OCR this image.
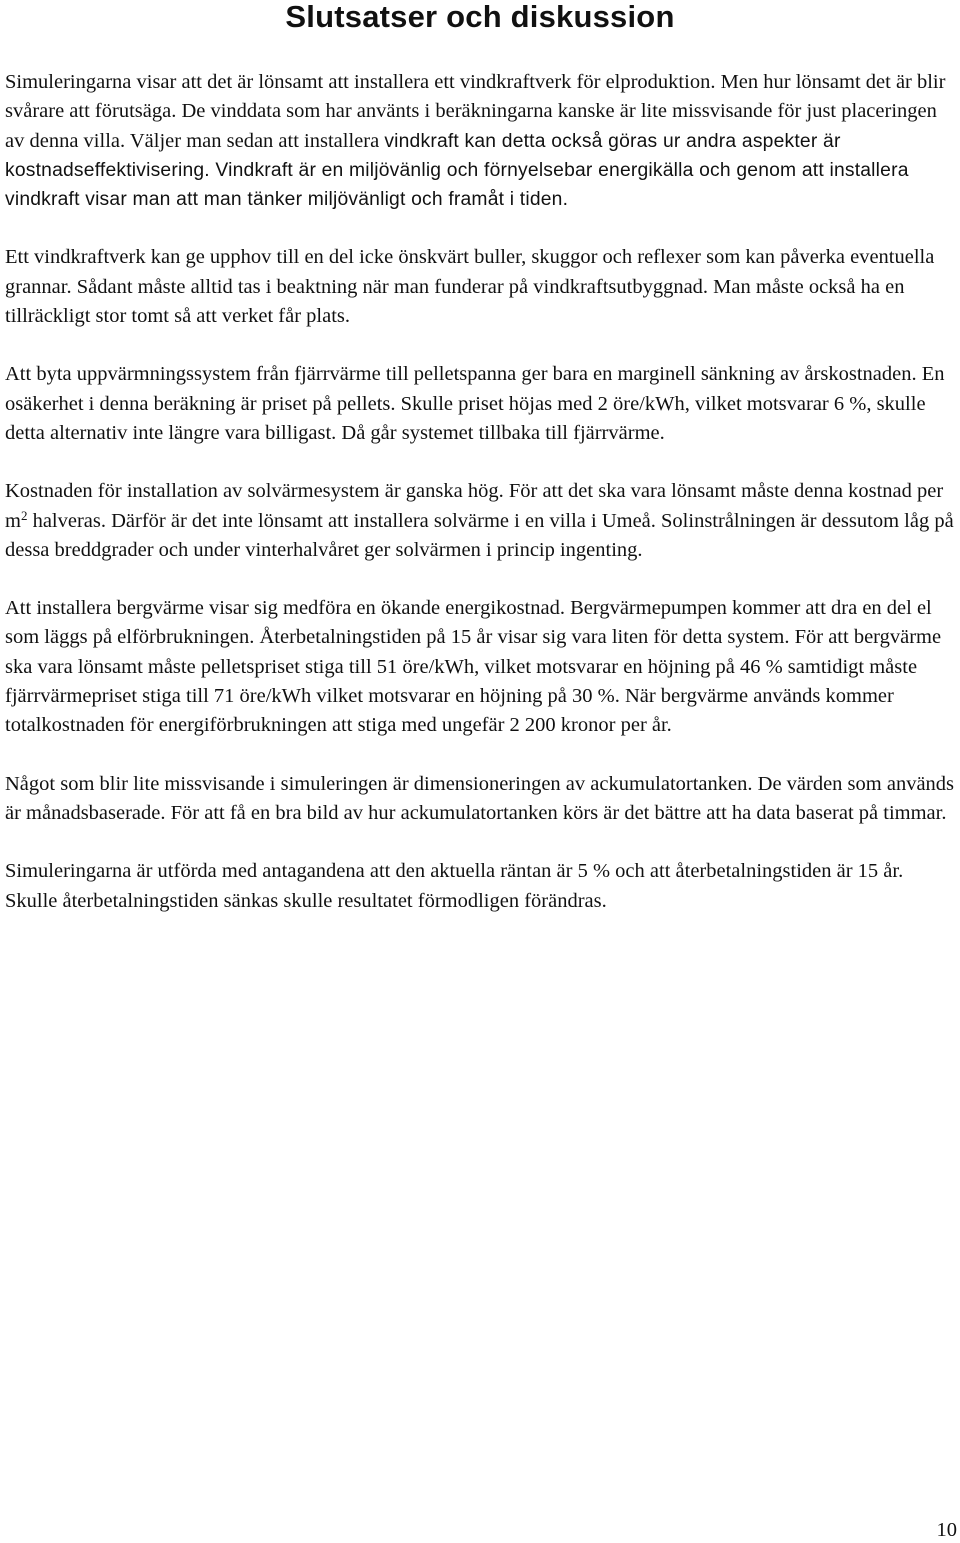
Slutsatser och diskussion

Simuleringarna visar att det är lönsamt att installera ett vindkraftverk för elproduktion. Men hur lönsamt det är blir svårare att förutsäga. De vinddata som har använts i beräkningarna kanske är lite missvisande för just placeringen av denna villa. Väljer man sedan att installera vindkraft kan detta också göras ur andra aspekter är kostnadseffektivisering. Vindkraft är en miljövänlig och förnyelsebar energikälla och genom att installera vindkraft visar man att man tänker miljövänligt och framåt i tiden.

Ett vindkraftverk kan ge upphov till en del icke önskvärt buller, skuggor och reflexer som kan påverka eventuella grannar. Sådant måste alltid tas i beaktning när man funderar på vindkraftsutbyggnad. Man måste också ha en tillräckligt stor tomt så att verket får plats.

Att byta uppvärmningssystem från fjärrvärme till pelletspanna ger bara en marginell sänkning av årskostnaden. En osäkerhet i denna beräkning är priset på pellets. Skulle priset höjas med 2 öre/kWh, vilket motsvarar 6 %, skulle detta alternativ inte längre vara billigast. Då går systemet tillbaka till fjärrvärme.

Kostnaden för installation av solvärmesystem är ganska hög. För att det ska vara lönsamt måste denna kostnad per $m^2$ halveras. Därför är det inte lönsamt att installera solvärme i en villa i Umeå. Solinstrålningen är dessutom låg på dessa breddgrader och under vinterhalvåret ger solvärmen i princip ingenting.

Att installera bergvärme visar sig medföra en ökande energikostnad. Bergvärmepumpen kommer att dra en del el som läggs på elförbrukningen. Återbetalningstiden på 15 år visar sig vara liten för detta system. För att bergvärme ska vara lönsamt måste pelletspriset stiga till 51 öre/kWh, vilket motsvarar en höjning på 46 % samtidigt måste fjärrvärmepriset stiga till 71 öre/kWh vilket motsvarar en höjning på 30 %. När bergvärme används kommer totalkostnaden för energiförbrukningen att stiga med ungefär 2 200 kronor per år.

Något som blir lite missvisande i simuleringen är dimensioneringen av ackumulatortanken. De värden som används är månadsbaserade. För att få en bra bild av hur ackumulatortanken körs är det bättre att ha data baserat på timmar.

Simuleringarna är utförda med antagandena att den aktuella räntan är 5 % och att återbetalningstiden är 15 år. Skulle återbetalningstiden sänkas skulle resultatet förmodligen förändras.

10
